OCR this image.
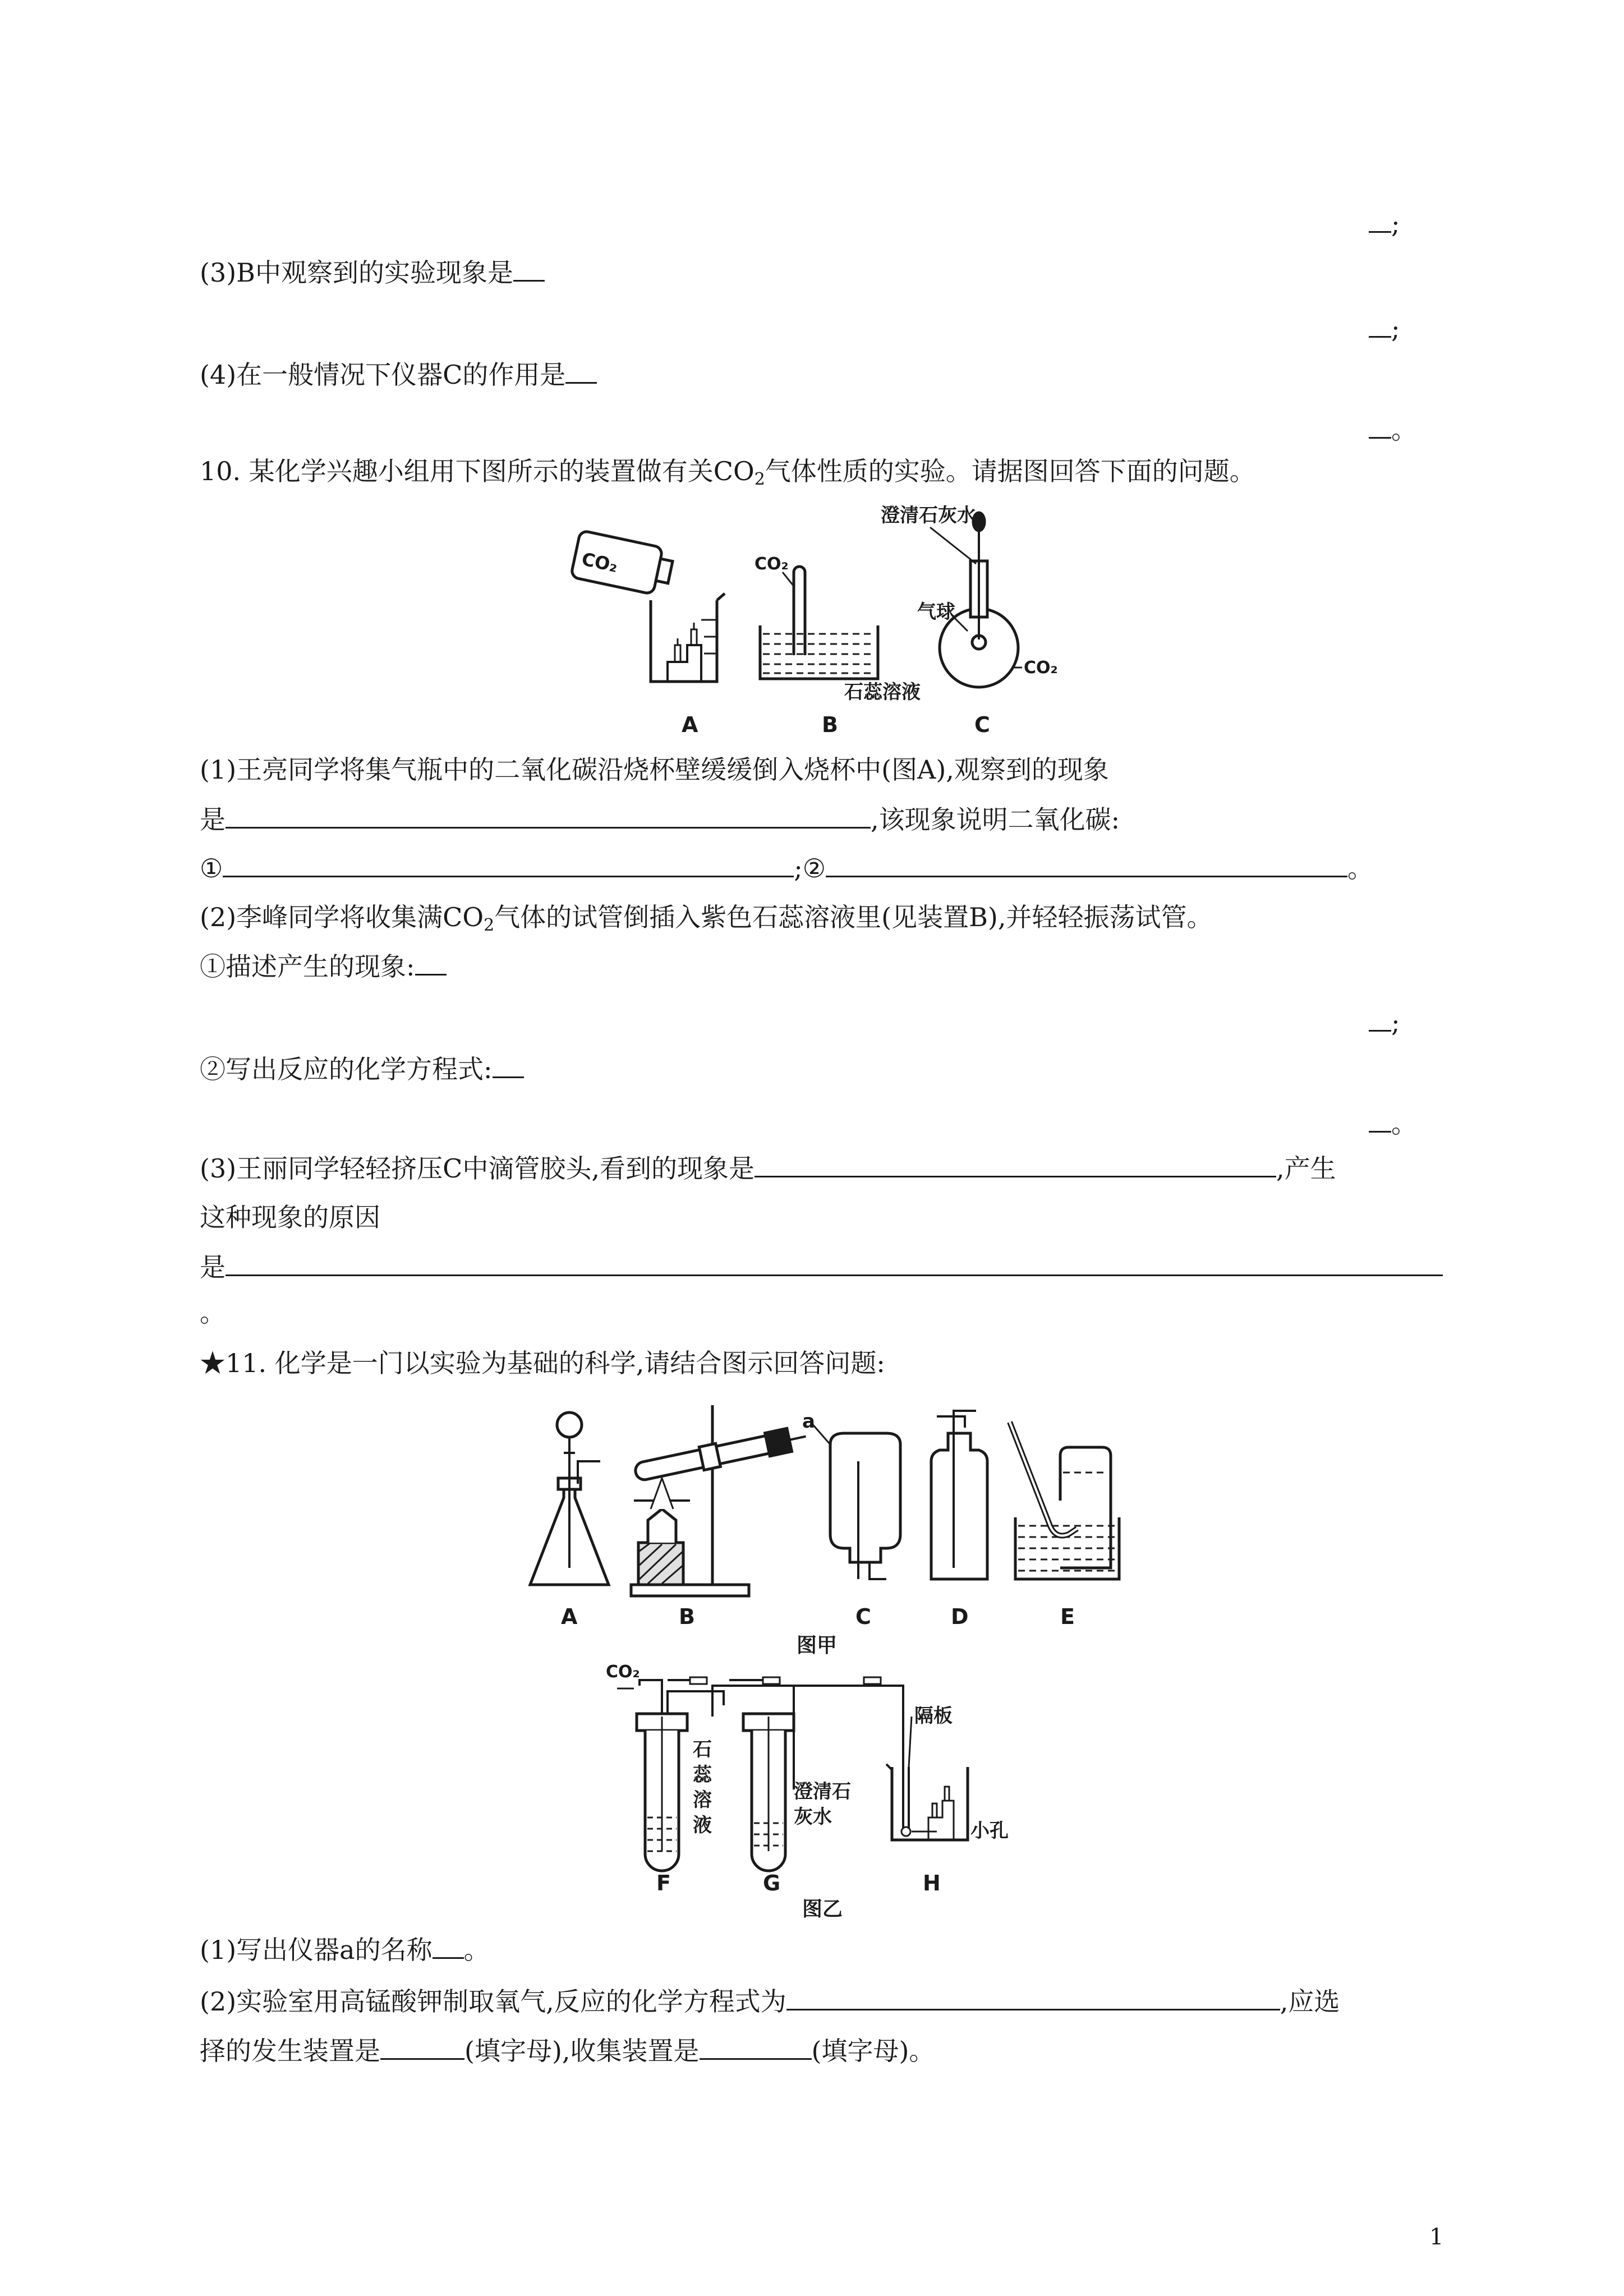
;
(3)B中观察到的实验现象是
;
(4)在一般情况下仪器C的作用是
。
10. 某化学兴趣小组用下图所示的装置做有关$CO_2$气体性质的实验。请据图回答下面的问题。
CO₂	CO₂
石蕊溶液
澄清石灰水
气球
CO₂
A	B	C
(1)王亮同学将集气瓶中的二氧化碳沿烧杯壁缓缓倒入烧杯中(图A),观察到的现象
是	,该现象说明二氧化碳:
①	;②	。
(2)李峰同学将收集满$CO_2$气体的试管倒插入紫色石蕊溶液里(见装置B),并轻轻振荡试管。
①描述产生的现象:
;
②写出反应的化学方程式:
。
(3)王丽同学轻轻挤压C中滴管胶头,看到的现象是	,产生
这种现象的原因
是
。
★11. 化学是一门以实验为基础的科学,请结合图示回答问题:
a
A	B	C	D	E
图甲
CO₂
石
蕊
溶
液
澄清石
灰水
隔板
小孔
F	G	H
图乙
(1)写出仪器a的名称 。
(2)实验室用高锰酸钾制取氧气,反应的化学方程式为	,应选
择的发生装置是	(填字母),收集装置是	(填字母)。
1
